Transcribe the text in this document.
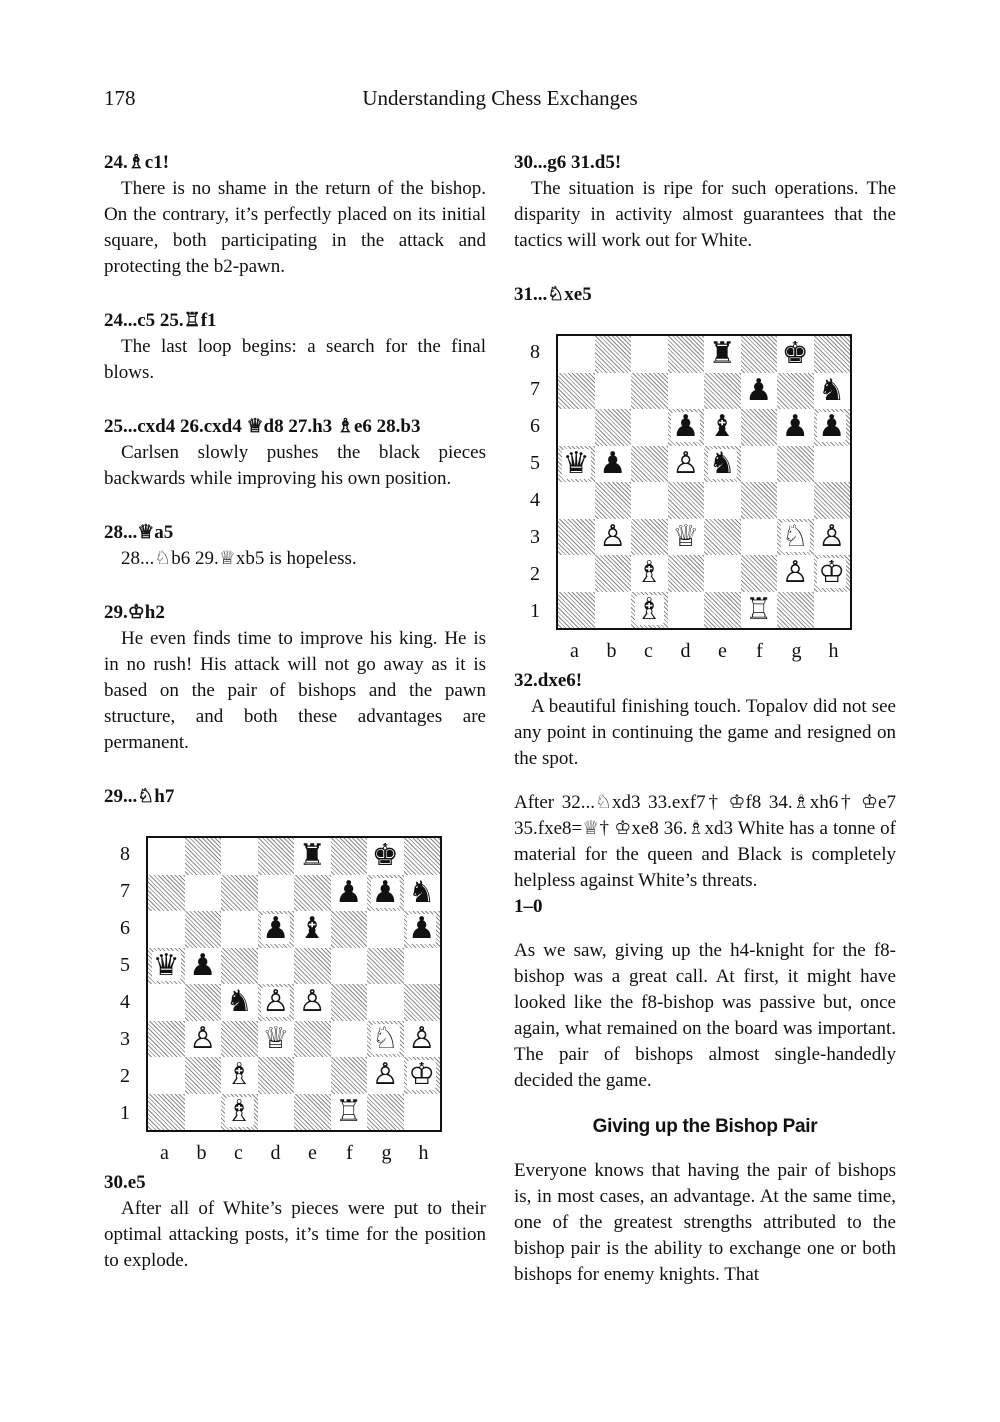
178	Understanding Chess Exchanges

24.♗c1!

There is no shame in the return of the bishop. On the contrary, it’s perfectly placed on its initial square, both participating in the attack and protecting the b2-pawn.

24...c5 25.♖f1

The last loop begins: a search for the final blows.

25...cxd4 26.cxd4 ♕d8 27.h3 ♗e6 28.b3

Carlsen slowly pushes the black pieces backwards while improving his own position.

28...♕a5

28...♘b6 29.♕xb5 is hopeless.

29.♔h2

He even finds time to improve his king. He is in no rush! His attack will not go away as it is based on the pair of bishops and the pawn structure, and both these advantages are permanent.

29...♘h7

8
7
6
5
4
3
2
1
♜ ♚
♟ ♟ ♞
♟ ♝	♟
♛ ♟
♞ ♙ ♙
♙ ♕	♘ ♙
♗	♙ ♔
♗	♖
a	b	c	d	e	f	g	h

30.e5

After all of White’s pieces were put to their optimal attacking posts, it’s time for the position to explode.

30...g6 31.d5!

The situation is ripe for such operations. The disparity in activity almost guarantees that the tactics will work out for White.

31...♘xe5

8
7
6
5
4
3
2
1
♜ ♚
♟ ♞
♟ ♝ ♟ ♟
♛ ♟ ♙ ♞
♙ ♕	♘ ♙
♗	♙ ♔
♗	♖
a	b	c	d	e	f	g	h

32.dxe6!

A beautiful finishing touch. Topalov did not see any point in continuing the game and resigned on the spot.

After 32...♘xd3 33.exf7† ♔f8 34.♗xh6† ♔e7 35.fxe8=♕† ♔xe8 36.♗xd3 White has a tonne of material for the queen and Black is completely helpless against White’s threats.

1–0

As we saw, giving up the h4-knight for the f8-bishop was a great call. At first, it might have looked like the f8-bishop was passive but, once again, what remained on the board was important. The pair of bishops almost single-handedly decided the game.

Giving up the Bishop Pair

Everyone knows that having the pair of bishops is, in most cases, an advantage. At the same time, one of the greatest strengths attributed to the bishop pair is the ability to exchange one or both bishops for enemy knights. That
